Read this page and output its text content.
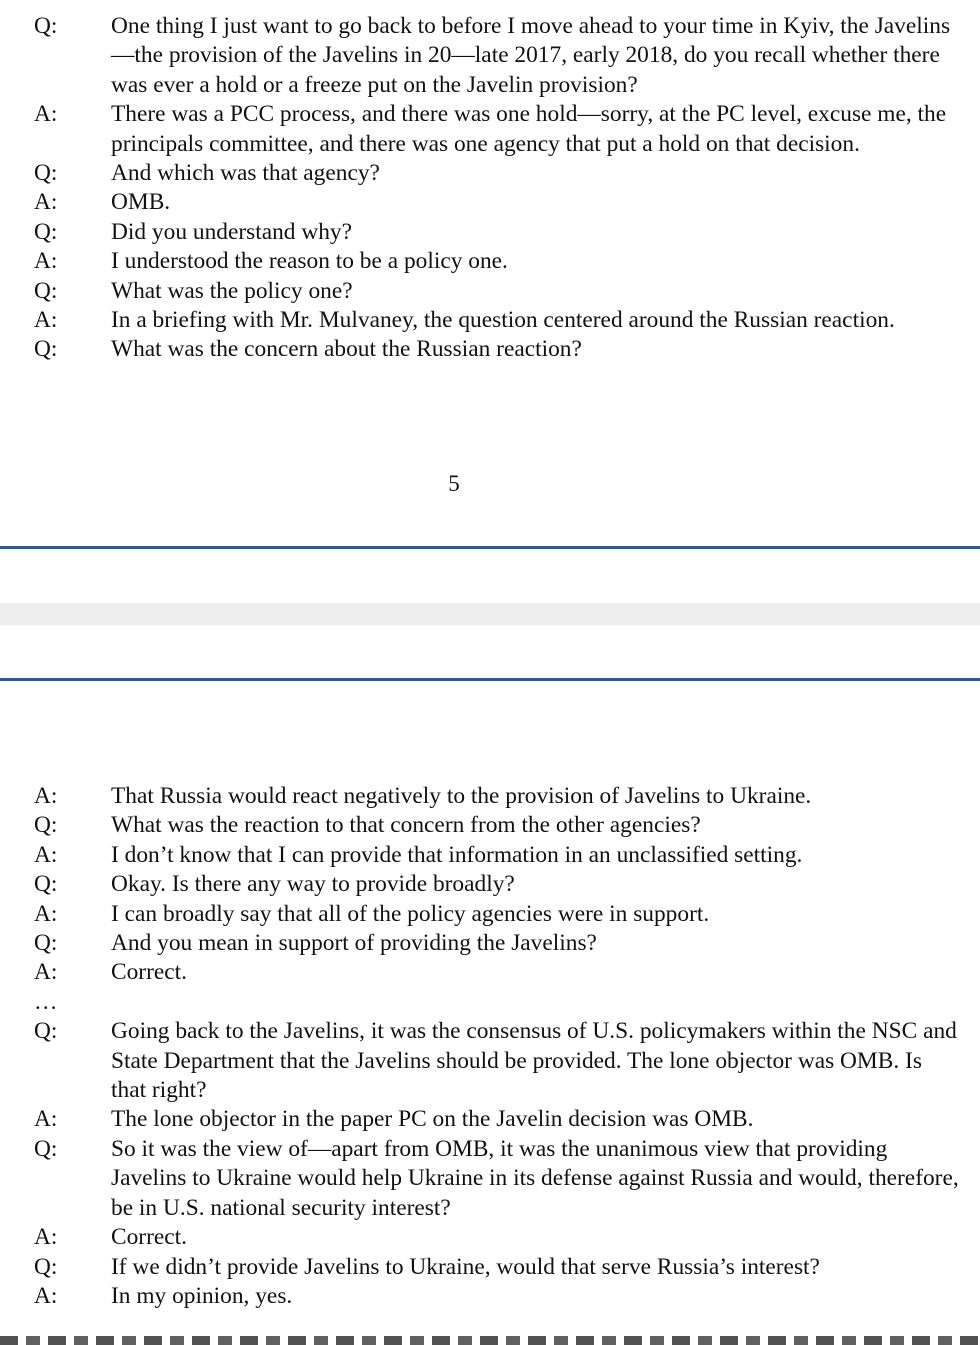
Q:	One thing I just want to go back to before I move ahead to your time in Kyiv, the Javelins—the provision of the Javelins in 20—late 2017, early 2018, do you recall whether there was ever a hold or a freeze put on the Javelin provision?
A:	There was a PCC process, and there was one hold—sorry, at the PC level, excuse me, the principals committee, and there was one agency that put a hold on that decision.
Q:	And which was that agency?
A:	OMB.
Q:	Did you understand why?
A:	I understood the reason to be a policy one.
Q:	What was the policy one?
A:	In a briefing with Mr. Mulvaney, the question centered around the Russian reaction.
Q:	What was the concern about the Russian reaction?
5
A:	That Russia would react negatively to the provision of Javelins to Ukraine.
Q:	What was the reaction to that concern from the other agencies?
A:	I don’t know that I can provide that information in an unclassified setting.
Q:	Okay. Is there any way to provide broadly?
A:	I can broadly say that all of the policy agencies were in support.
Q:	And you mean in support of providing the Javelins?
A:	Correct.
…
Q:	Going back to the Javelins, it was the consensus of U.S. policymakers within the NSC and State Department that the Javelins should be provided. The lone objector was OMB. Is that right?
A:	The lone objector in the paper PC on the Javelin decision was OMB.
Q:	So it was the view of—apart from OMB, it was the unanimous view that providing Javelins to Ukraine would help Ukraine in its defense against Russia and would, therefore, be in U.S. national security interest?
A:	Correct.
Q:	If we didn’t provide Javelins to Ukraine, would that serve Russia’s interest?
A:	In my opinion, yes.
